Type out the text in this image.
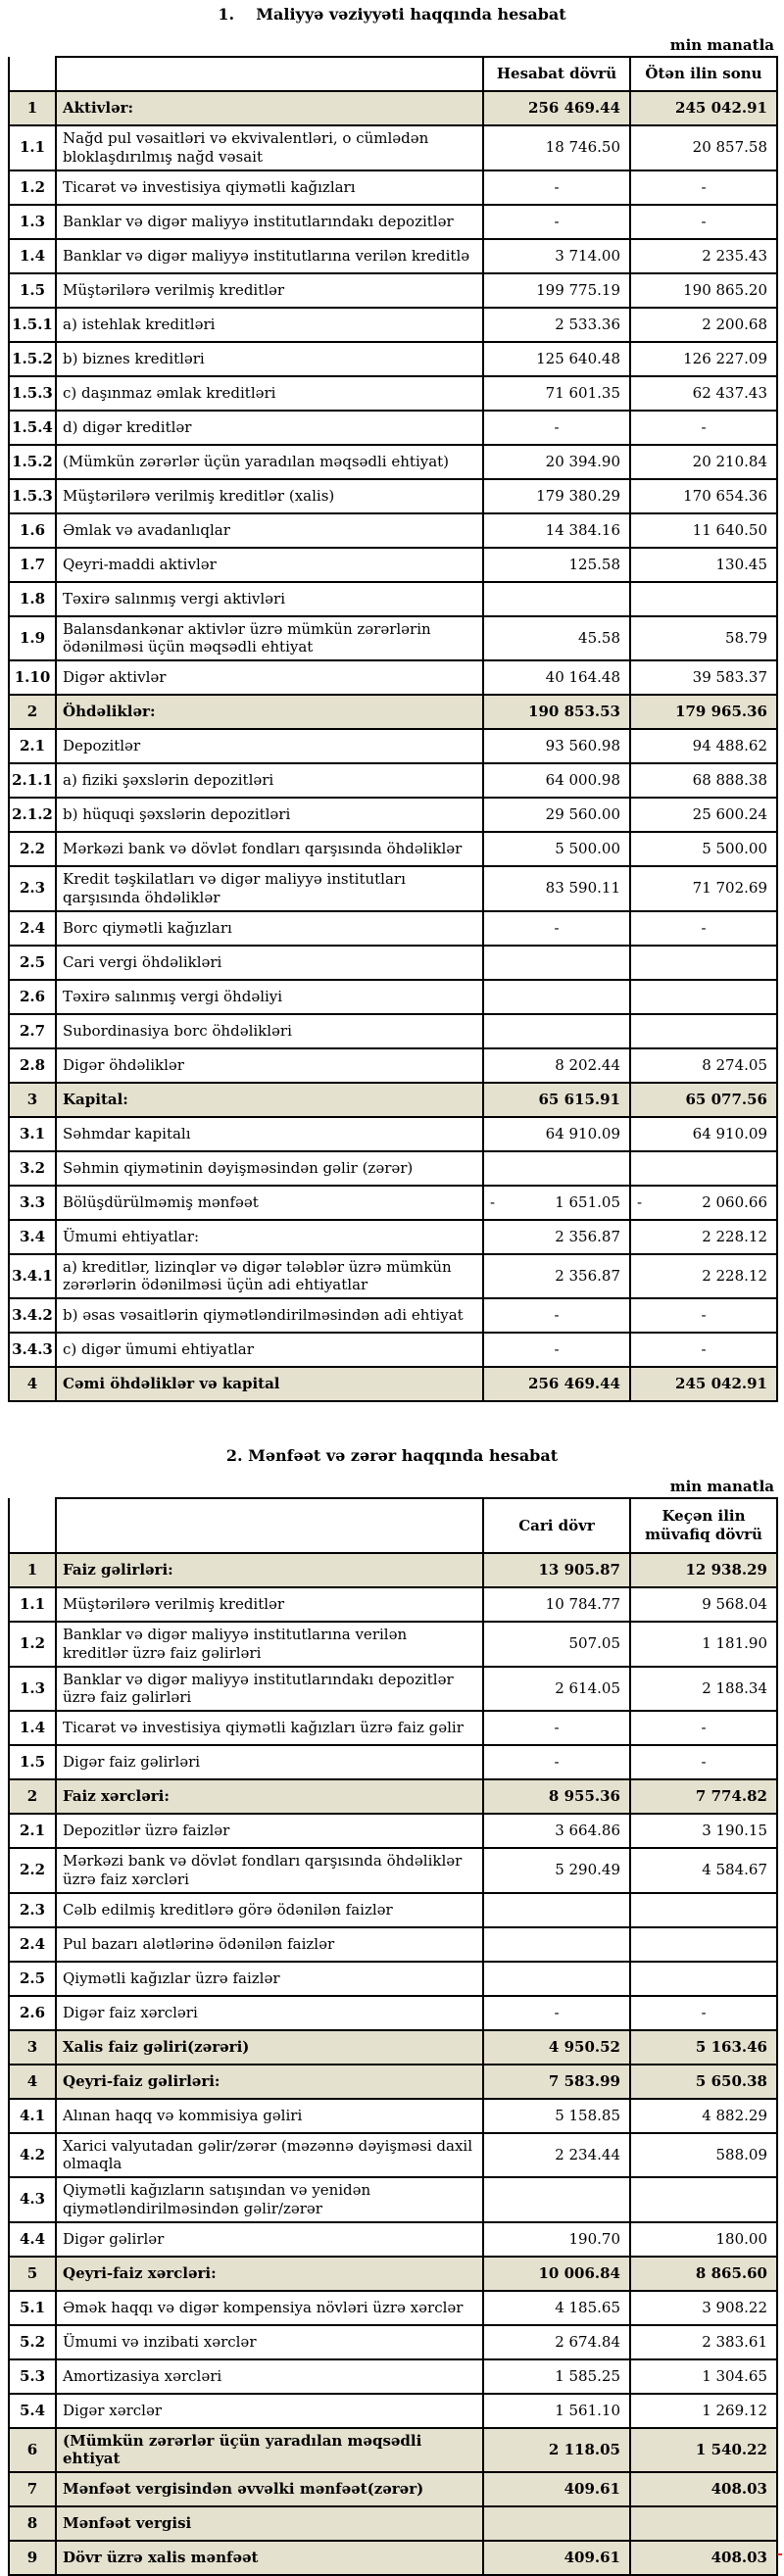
1.    Maliyyə vəziyyəti haqqında hesabat
min manatla
		Hesabat dövrü	Ötən ilin sonu
1	Aktivlər:	256 469.44	245 042.91
1.1	Nağd pul vəsaitləri və ekvivalentləri, o cümlədən bloklaşdırılmış nağd vəsait	18 746.50	20 857.58
1.2	Ticarət və investisiya qiymətli kağızları	-	-
1.3	Banklar və digər maliyyə institutlarındakı depozitlər	-	-
1.4	Banklar və digər maliyyə institutlarına verilən kreditlə	3 714.00	2 235.43
1.5	Müştərilərə verilmiş kreditlər	199 775.19	190 865.20
1.5.1	a) istehlak kreditləri	2 533.36	2 200.68
1.5.2	b) biznes kreditləri	125 640.48	126 227.09
1.5.3	c) daşınmaz əmlak kreditləri	71 601.35	62 437.43
1.5.4	d) digər kreditlər	-	-
1.5.2	(Mümkün zərərlər üçün yaradılan məqsədli ehtiyat)	20 394.90	20 210.84
1.5.3	Müştərilərə verilmiş kreditlər (xalis)	179 380.29	170 654.36
1.6	Əmlak və avadanlıqlar	14 384.16	11 640.50
1.7	Qeyri-maddi aktivlər	125.58	130.45
1.8	Təxirə salınmış vergi aktivləri		
1.9	Balansdankənar aktivlər üzrə mümkün zərərlərin ödənilməsi üçün məqsədli ehtiyat	45.58	58.79
1.10	Digər aktivlər	40 164.48	39 583.37
2	Öhdəliklər:	190 853.53	179 965.36
2.1	Depozitlər	93 560.98	94 488.62
2.1.1	a) fiziki şəxslərin depozitləri	64 000.98	68 888.38
2.1.2	b) hüquqi şəxslərin depozitləri	29 560.00	25 600.24
2.2	Mərkəzi bank və dövlət fondları qarşısında öhdəliklər	5 500.00	5 500.00
2.3	Kredit təşkilatları və digər maliyyə institutları qarşısında öhdəliklər	83 590.11	71 702.69
2.4	Borc qiymətli kağızları	-	-
2.5	Cari vergi öhdəlikləri		
2.6	Təxirə salınmış vergi öhdəliyi		
2.7	Subordinasiya borc öhdəlikləri		
2.8	Digər öhdəliklər	8 202.44	8 274.05
3	Kapital:	65 615.91	65 077.56
3.1	Səhmdar kapitalı	64 910.09	64 910.09
3.2	Səhmin qiymətinin dəyişməsindən gəlir (zərər)		
3.3	Bölüşdürülməmiş mənfəət	- 1 651.05	- 2 060.66

3.4	Ümumi ehtiyatlar:	2 356.87	2 228.12
3.4.1	a) kreditlər, lizinqlər və digər tələblər üzrə mümkün zərərlərin ödənilməsi üçün adi ehtiyatlar	2 356.87	2 228.12
3.4.2	b) əsas vəsaitlərin qiymətləndirilməsindən adi ehtiyat	-	-
3.4.3	c) digər ümumi ehtiyatlar	-	-
4	Cəmi öhdəliklər və kapital	256 469.44	245 042.91
2. Mənfəət və zərər haqqında hesabat
min manatla
		Cari dövr	Keçən ilin müvafiq dövrü
1	Faiz gəlirləri:	13 905.87	12 938.29
1.1	Müştərilərə verilmiş kreditlər	10 784.77	9 568.04
1.2	Banklar və digər maliyyə institutlarına verilən kreditlər üzrə faiz gəlirləri	507.05	1 181.90
1.3	Banklar və digər maliyyə institutlarındakı depozitlər üzrə faiz gəlirləri	2 614.05	2 188.34
1.4	Ticarət və investisiya qiymətli kağızları üzrə faiz gəlir	-	-
1.5	Digər faiz gəlirləri	-	-
2	Faiz xərcləri:	8 955.36	7 774.82
2.1	Depozitlər üzrə faizlər	3 664.86	3 190.15
2.2	Mərkəzi bank və dövlət fondları qarşısında öhdəliklər üzrə faiz xərcləri	5 290.49	4 584.67
2.3	Cəlb edilmiş kreditlərə görə ödənilən faizlər		
2.4	Pul bazarı alətlərinə ödənilən faizlər		
2.5	Qiymətli kağızlar üzrə faizlər		
2.6	Digər faiz xərcləri	-	-
3	Xalis faiz gəliri(zərəri)	4 950.52	5 163.46
4	Qeyri-faiz gəlirləri:	7 583.99	5 650.38
4.1	Alınan haqq və kommisiya gəliri	5 158.85	4 882.29
4.2	Xarici valyutadan gəlir/zərər (məzənnə dəyişməsi daxil olmaqla	2 234.44	588.09
4.3	Qiymətli kağızların satışından və yenidən qiymətləndirilməsindən gəlir/zərər		
4.4	Digər gəlirlər	190.70	180.00
5	Qeyri-faiz xərcləri:	10 006.84	8 865.60
5.1	Əmək haqqı və digər kompensiya növləri üzrə xərclər	4 185.65	3 908.22
5.2	Ümumi və inzibati xərclər	2 674.84	2 383.61
5.3	Amortizasiya xərcləri	1 585.25	1 304.65
5.4	Digər xərclər	1 561.10	1 269.12
6	(Mümkün zərərlər üçün yaradılan məqsədli ehtiyat	2 118.05	1 540.22
7	Mənfəət vergisindən əvvəlki mənfəət(zərər)	409.61	408.03
8	Mənfəət vergisi		
9	Dövr üzrə xalis mənfəət	409.61	408.03 -
